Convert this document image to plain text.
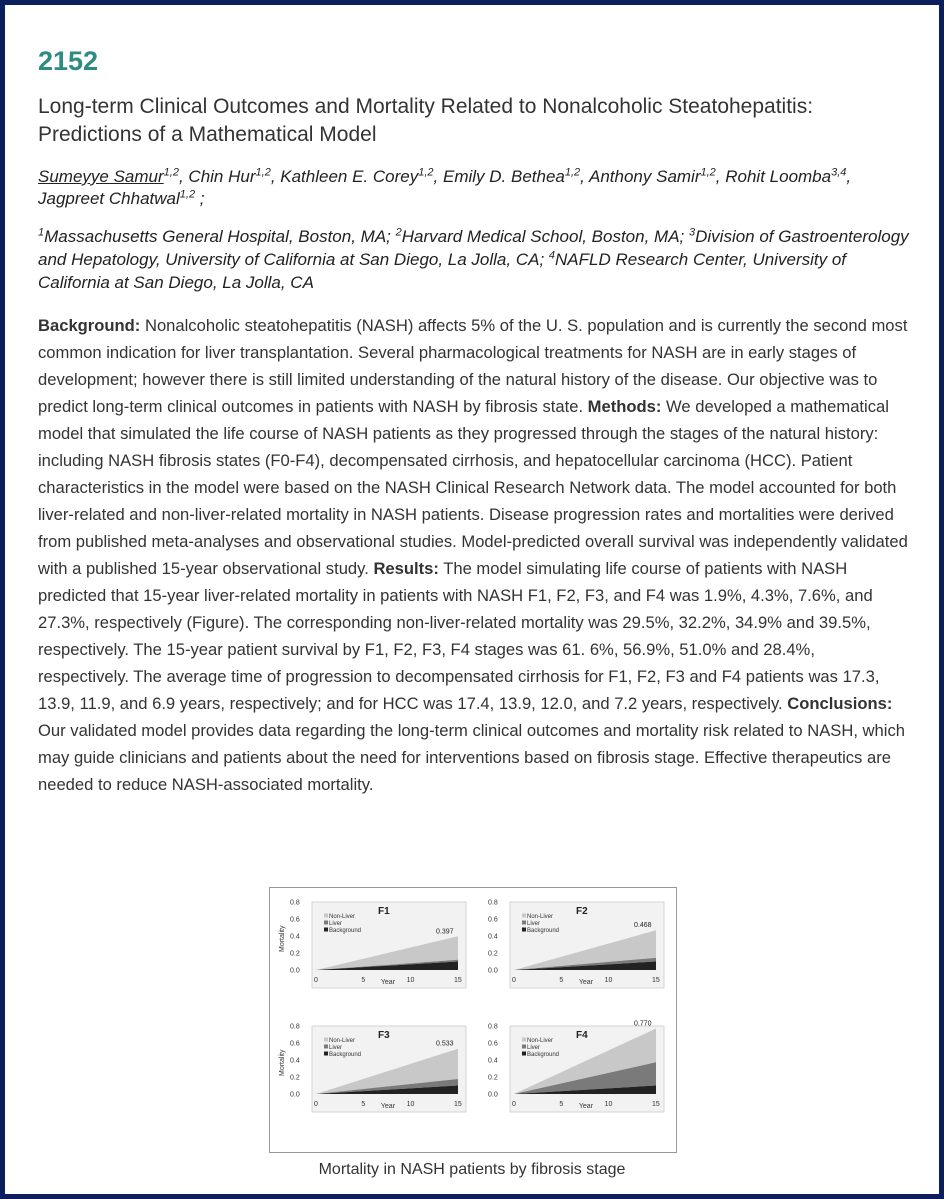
2152
Long-term Clinical Outcomes and Mortality Related to Nonalcoholic Steatohepatitis:
Predictions of a Mathematical Model
Sumeyye Samur$^{1,2}$, Chin Hur$^{1,2}$, Kathleen E. Corey$^{1,2}$, Emily D. Bethea$^{1,2}$, Anthony Samir$^{1,2}$, Rohit Loomba$^{3,4}$, Jagpreet Chhatwal$^{1,2}$ ;
$^1$Massachusetts General Hospital, Boston, MA; $^2$Harvard Medical School, Boston, MA; $^3$Division of Gastroenterology and Hepatology, University of California at San Diego, La Jolla, CA; $^4$NAFLD Research Center, University of California at San Diego, La Jolla, CA
Background: Nonalcoholic steatohepatitis (NASH) affects 5% of the U. S. population and is currently the second most common indication for liver transplantation. Several pharmacological treatments for NASH are in early stages of development; however there is still limited understanding of the natural history of the disease. Our objective was to predict long-term clinical outcomes in patients with NASH by fibrosis state. Methods: We developed a mathematical model that simulated the life course of NASH patients as they progressed through the stages of the natural history: including NASH fibrosis states (F0-F4), decompensated cirrhosis, and hepatocellular carcinoma (HCC). Patient characteristics in the model were based on the NASH Clinical Research Network data. The model accounted for both liver-related and non-liver-related mortality in NASH patients. Disease progression rates and mortalities were derived from published meta-analyses and observational studies. Model-predicted overall survival was independently validated with a published 15-year observational study. Results: The model simulating life course of patients with NASH predicted that 15-year liver-related mortality in patients with NASH F1, F2, F3, and F4 was 1.9%, 4.3%, 7.6%, and 27.3%, respectively (Figure). The corresponding non-liver-related mortality was 29.5%, 32.2%, 34.9% and 39.5%, respectively. The 15-year patient survival by F1, F2, F3, F4 stages was 61. 6%, 56.9%, 51.0% and 28.4%, respectively. The average time of progression to decompensated cirrhosis for F1, F2, F3 and F4 patients was 17.3, 13.9, 11.9, and 6.9 years, respectively; and for HCC was 17.4, 13.9, 12.0, and 7.2 years, respectively. Conclusions: Our validated model provides data regarding the long-term clinical outcomes and mortality risk related to NASH, which may guide clinicians and patients about the need for interventions based on fibrosis stage. Effective therapeutics are needed to reduce NASH-associated mortality.
0.0
0.2
0.4
0.6
0.8
0	5	10	15
Year
Mortality
F1
Non-Liver
Liver
Background	0.397
0.0
0.2
0.4
0.6
0.8
0	5	10	15
Year
F2
Non-Liver
Liver
Background
0.468
0.0
0.2
0.4
0.6
0.8
0	5	10	15
Year
Mortality
F3
Non-Liver
Liver
Background
0.533
0.0
0.2
0.4
0.6
0.8
0	5	10	15
Year
F4
Non-Liver
Liver
Background
0.770
Mortality in NASH patients by fibrosis stage
